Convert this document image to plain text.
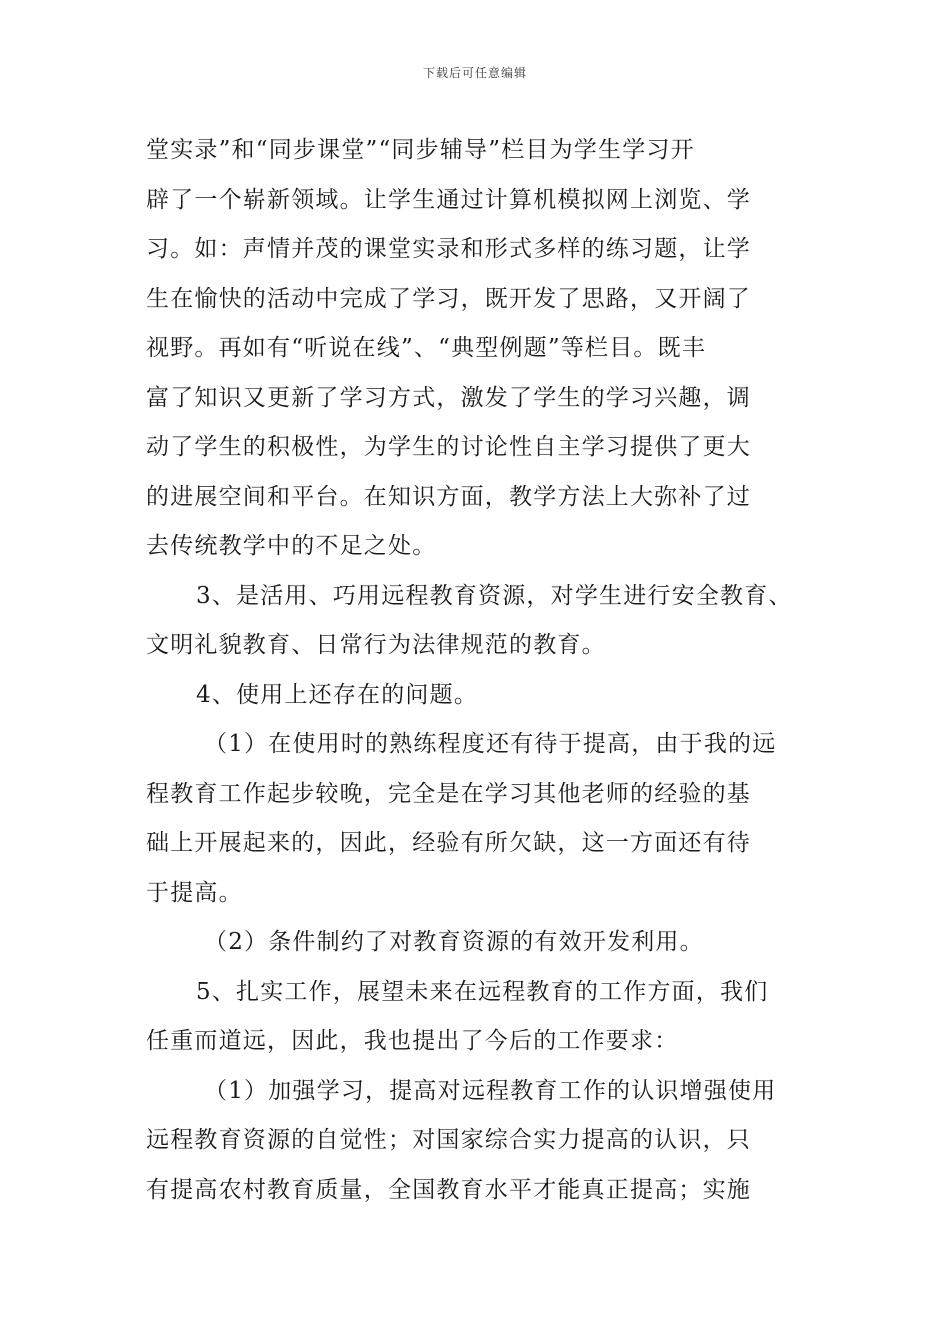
下载后可任意编辑
堂实录”和“同步课堂”“同步辅导”栏目为学生学习开
辟了一个崭新领域。让学生通过计算机模拟网上浏览、学
习。如：声情并茂的课堂实录和形式多样的练习题，让学
生在愉快的活动中完成了学习，既开发了思路，又开阔了
视野。再如有“听说在线”、“典型例题”等栏目。既丰
富了知识又更新了学习方式，激发了学生的学习兴趣，调
动了学生的积极性，为学生的讨论性自主学习提供了更大
的进展空间和平台。在知识方面，教学方法上大弥补了过
去传统教学中的不足之处。
3、是活用、巧用远程教育资源，对学生进行安全教育、
文明礼貌教育、日常行为法律规范的教育。
4、使用上还存在的问题。
（1）在使用时的熟练程度还有待于提高，由于我的远
程教育工作起步较晚，完全是在学习其他老师的经验的基
础上开展起来的，因此，经验有所欠缺，这一方面还有待
于提高。
（2）条件制约了对教育资源的有效开发利用。
5、扎实工作，展望未来在远程教育的工作方面，我们
任重而道远，因此，我也提出了今后的工作要求：
（1）加强学习，提高对远程教育工作的认识增强使用
远程教育资源的自觉性；对国家综合实力提高的认识，只
有提高农村教育质量，全国教育水平才能真正提高；实施
